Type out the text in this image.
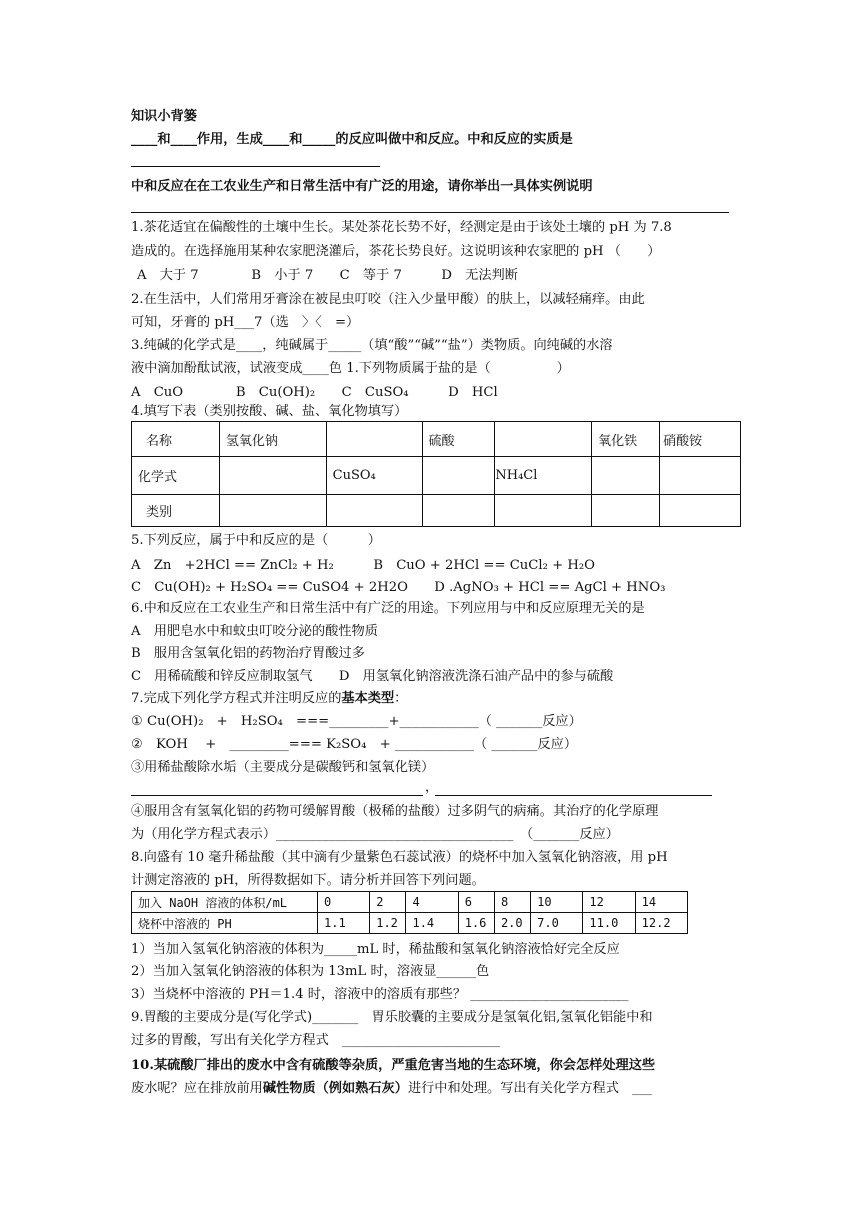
知识小背篓
____和____作用，生成____和_____的反应叫做中和反应。中和反应的实质是
中和反应在在工农业生产和日常生活中有广泛的用途，请你举出一具体实例说明
1.茶花适宜在偏酸性的土壤中生长。某处茶花长势不好，经测定是由于该处土壤的 pH 为 7.8
造成的。在选择施用某种农家肥浇灌后，茶花长势良好。这说明该种农家肥的 pH （　　）
A　大于 7　　　　B　小于 7　　C　等于 7　　　D　无法判断
2.在生活中，人们常用牙膏涂在被昆虫叮咬（注入少量甲酸）的肤上，以减轻痛痒。由此
可知，牙膏的 pH___7（选　〉〈　=）
3.纯碱的化学式是____，纯碱属于_____（填“酸”“碱”“盐”）类物质。向纯碱的水溶
液中滴加酚酞试液，试液变成____色 1.下列物质属于盐的是（　　　　　）
A　CuO　　　　B　Cu(OH)₂　　C　CuSO₄　　　D　HCl
4.填写下表（类别按酸、碱、盐、氧化物填写）
名称	氢氧化钠		硫酸		氧化铁	硝酸铵
化学式		CuSO₄		NH₄Cl		
类别						
5.下列反应，属于中和反应的是（　　　）
A　Zn　+2HCl == ZnCl₂ + H₂　　　B　CuO + 2HCl == CuCl₂ + H₂O
C　Cu(OH)₂ + H₂SO₄ == CuSO4 + 2H2O　　D .AgNO₃ + HCl == AgCl + HNO₃
6.中和反应在工农业生产和日常生活中有广泛的用途。下列应用与中和反应原理无关的是
A　用肥皂水中和蚊虫叮咬分泌的酸性物质
B　服用含氢氧化铝的药物治疗胃酸过多
C　用稀硫酸和锌反应制取氢气　　D　用氢氧化钠溶液洗涤石油产品中的参与硫酸
7.完成下列化学方程式并注明反应的基本类型：
① Cu(OH)₂　+　H₂SO₄　===_________+____________（ _______反应）
②　KOH　 +　_________=== K₂SO₄　+ ____________（ _______反应）
③用稀盐酸除水垢（主要成分是碳酸钙和氢氧化镁）
，
④服用含有氢氧化铝的药物可缓解胃酸（极稀的盐酸）过多阴气的病痛。其治疗的化学原理
为（用化学方程式表示）____________________________________　（_______反应）
8.向盛有 10 毫升稀盐酸（其中滴有少量紫色石蕊试液）的烧杯中加入氢氧化钠溶液，用 pH
计测定溶液的 pH，所得数据如下。请分析并回答下列问题。
加入 NaOH 溶液的体积/mL	0	2	4	6	8	10	12	14
烧杯中溶液的 PH	1.1	1.2	1.4	1.6	2.0	7.0	11.0	12.2
1）当加入氢氧化钠溶液的体积为_____mL 时，稀盐酸和氢氧化钠溶液恰好完全反应
2）当加入氢氧化钠溶液的体积为 13mL 时，溶液显______色
3）当烧杯中溶液的 PH＝1.4 时，溶液中的溶质有那些？ ________________________
9.胃酸的主要成分是(写化学式)_______　胃乐胶囊的主要成分是氢氧化铝,氢氧化铝能中和
过多的胃酸，写出有关化学方程式　________________________
10.某硫酸厂排出的废水中含有硫酸等杂质，严重危害当地的生态环境，你会怎样处理这些
废水呢？应在排放前用碱性物质（例如熟石灰）进行中和处理。写出有关化学方程式　___
